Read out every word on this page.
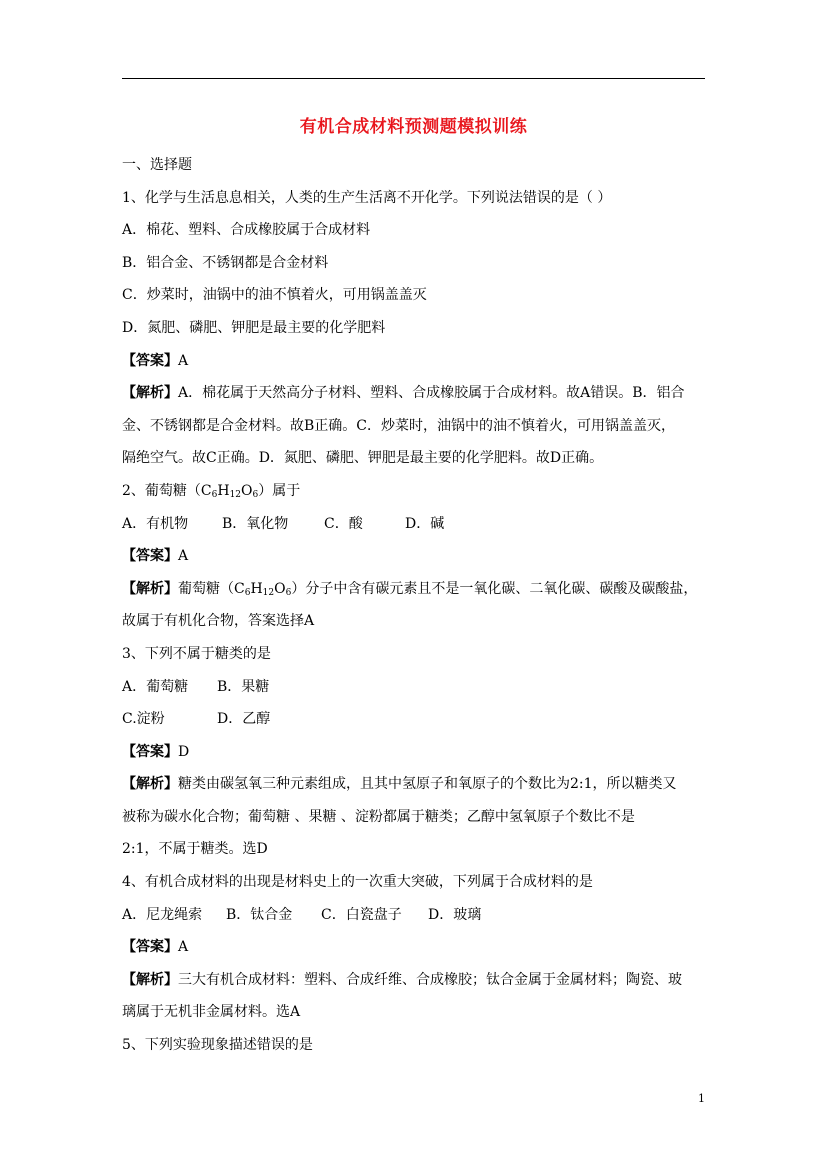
有机合成材料预测题模拟训练
一、选择题
1、化学与生活息息相关，人类的生产生活离不开化学。下列说法错误的是（ ）
A．棉花、塑料、合成橡胶属于合成材料
B．铝合金、不锈钢都是合金材料
C．炒菜时，油锅中的油不慎着火，可用锅盖盖灭
D．氮肥、磷肥、钾肥是最主要的化学肥料
【答案】A
【解析】A．棉花属于天然高分子材料、塑料、合成橡胶属于合成材料。故A错误。B．铝合
金、不锈钢都是合金材料。故B正确。C．炒菜时，油锅中的油不慎着火，可用锅盖盖灭，
隔绝空气。故C正确。D．氮肥、磷肥、钾肥是最主要的化学肥料。故D正确。
2、葡萄糖$(C_6H_{12}O_6)$属于
A．有机物 B．氧化物	C．酸	D．碱
【答案】A
【解析】葡萄糖$(C_6H_{12}O_6)$分子中含有碳元素且不是一氧化碳、二氧化碳、碳酸及碳酸盐，
故属于有机化合物，答案选择A
3、下列不属于糖类的是
A．葡萄糖 B．果糖
C.淀粉	D．乙醇
【答案】D
【解析】糖类由碳氢氧三种元素组成，且其中氢原子和氧原子的个数比为2:1，所以糖类又
被称为碳水化合物；葡萄糖 、果糖 、淀粉都属于糖类；乙醇中氢氧原子个数比不是
2:1，不属于糖类。选D
4、有机合成材料的出现是材料史上的一次重大突破，下列属于合成材料的是
A．尼龙绳索 B．钛合金 C．白瓷盘子 D．玻璃
【答案】A
【解析】三大有机合成材料：塑料、合成纤维、合成橡胶；钛合金属于金属材料；陶瓷、玻
璃属于无机非金属材料。选A
5、下列实验现象描述错误的是
1
